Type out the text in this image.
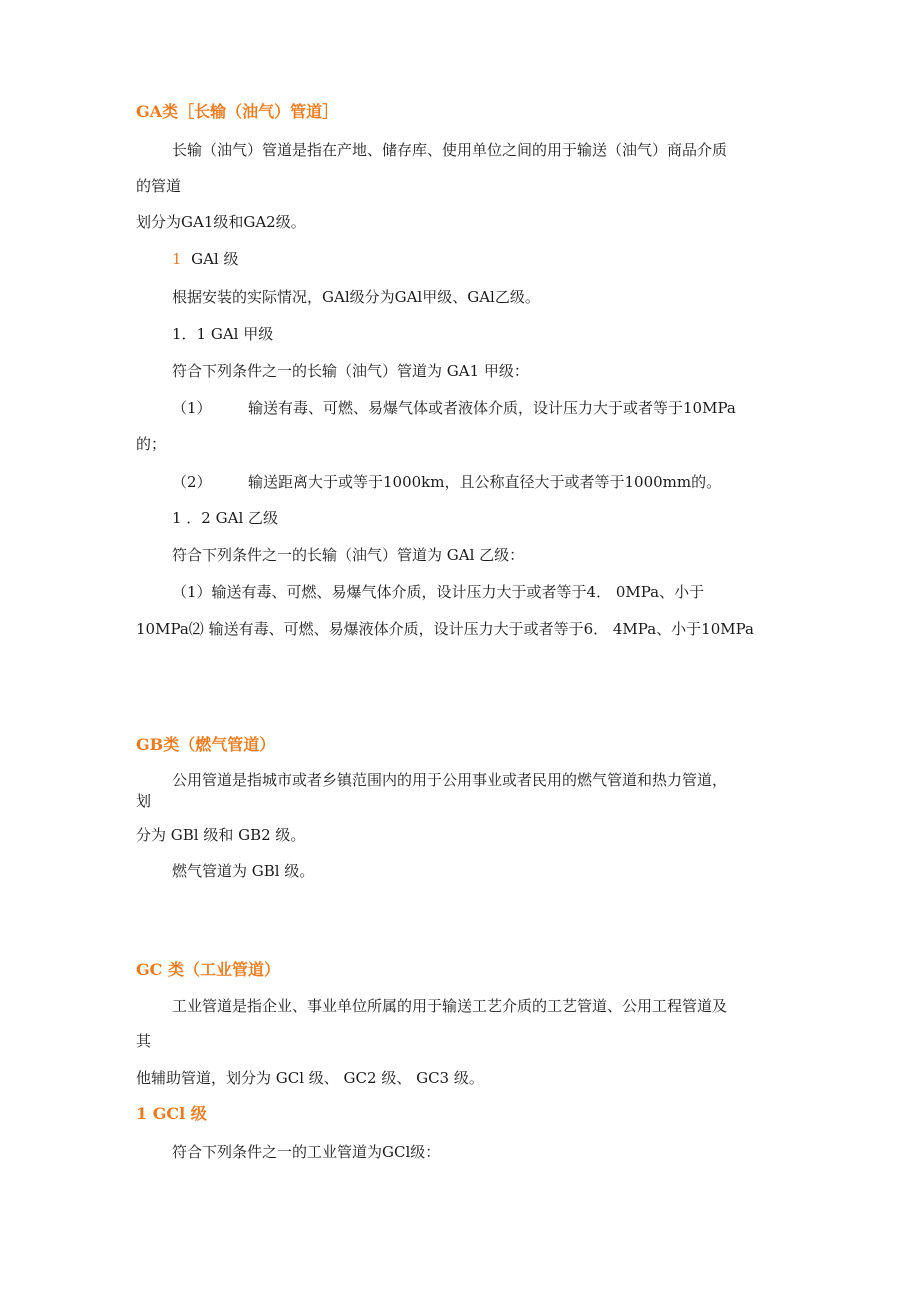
GA类［长输（油气）管道］
长输（油气）管道是指在产地、储存库、使用单位之间的用于输送（油气）商品介质
的管道
划分为GA1级和GA2级。
1 GAl 级
根据安装的实际情况，GAl级分为GAl甲级、GAl乙级。
1．1 GAl 甲级
符合下列条件之一的长输（油气）管道为 GA1 甲级：
（1） 输送有毒、可燃、易爆气体或者液体介质，设计压力大于或者等于10MPa
的；
（2） 输送距离大于或等于1000km，且公称直径大于或者等于1000mm的。
1 ．2 GAl 乙级
符合下列条件之一的长输（油气）管道为 GAl 乙级：
（1）输送有毒、可燃、易爆气体介质，设计压力大于或者等于4． 0MPa、小于
10MPa⑵ 输送有毒、可燃、易爆液体介质，设计压力大于或者等于6． 4MPa、小于10MPa
GB类（燃气管道）
公用管道是指城市或者乡镇范围内的用于公用事业或者民用的燃气管道和热力管道，
划
分为 GBl 级和 GB2 级。
燃气管道为 GBl 级。
GC 类（工业管道）
工业管道是指企业、事业单位所属的用于输送工艺介质的工艺管道、公用工程管道及
其
他辅助管道，划分为 GCl 级、 GC2 级、 GC3 级。
1 GCl 级
符合下列条件之一的工业管道为GCl级：
